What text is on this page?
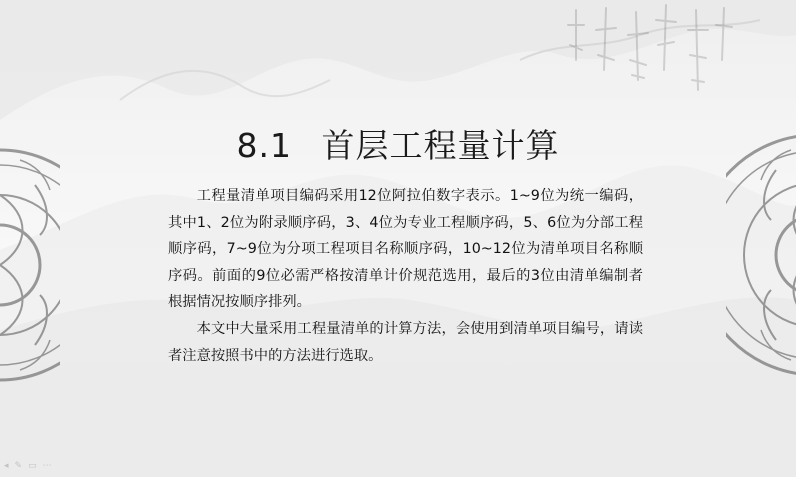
8.1 首层工程量计算

工程量清单项目编码采用12位阿拉伯数字表示。1~9位为统一编码，其中1、2位为附录顺序码，3、4位为专业工程顺序码，5、6位为分部工程顺序码，7~9位为分项工程项目名称顺序码，10~12位为清单项目名称顺序码。前面的9位必需严格按清单计价规范选用，最后的3位由清单编制者根据情况按顺序排列。

本文中大量采用工程量清单的计算方法，会使用到清单项目编号，请读者注意按照书中的方法进行选取。

◂ ✎ ▭ ⋯
